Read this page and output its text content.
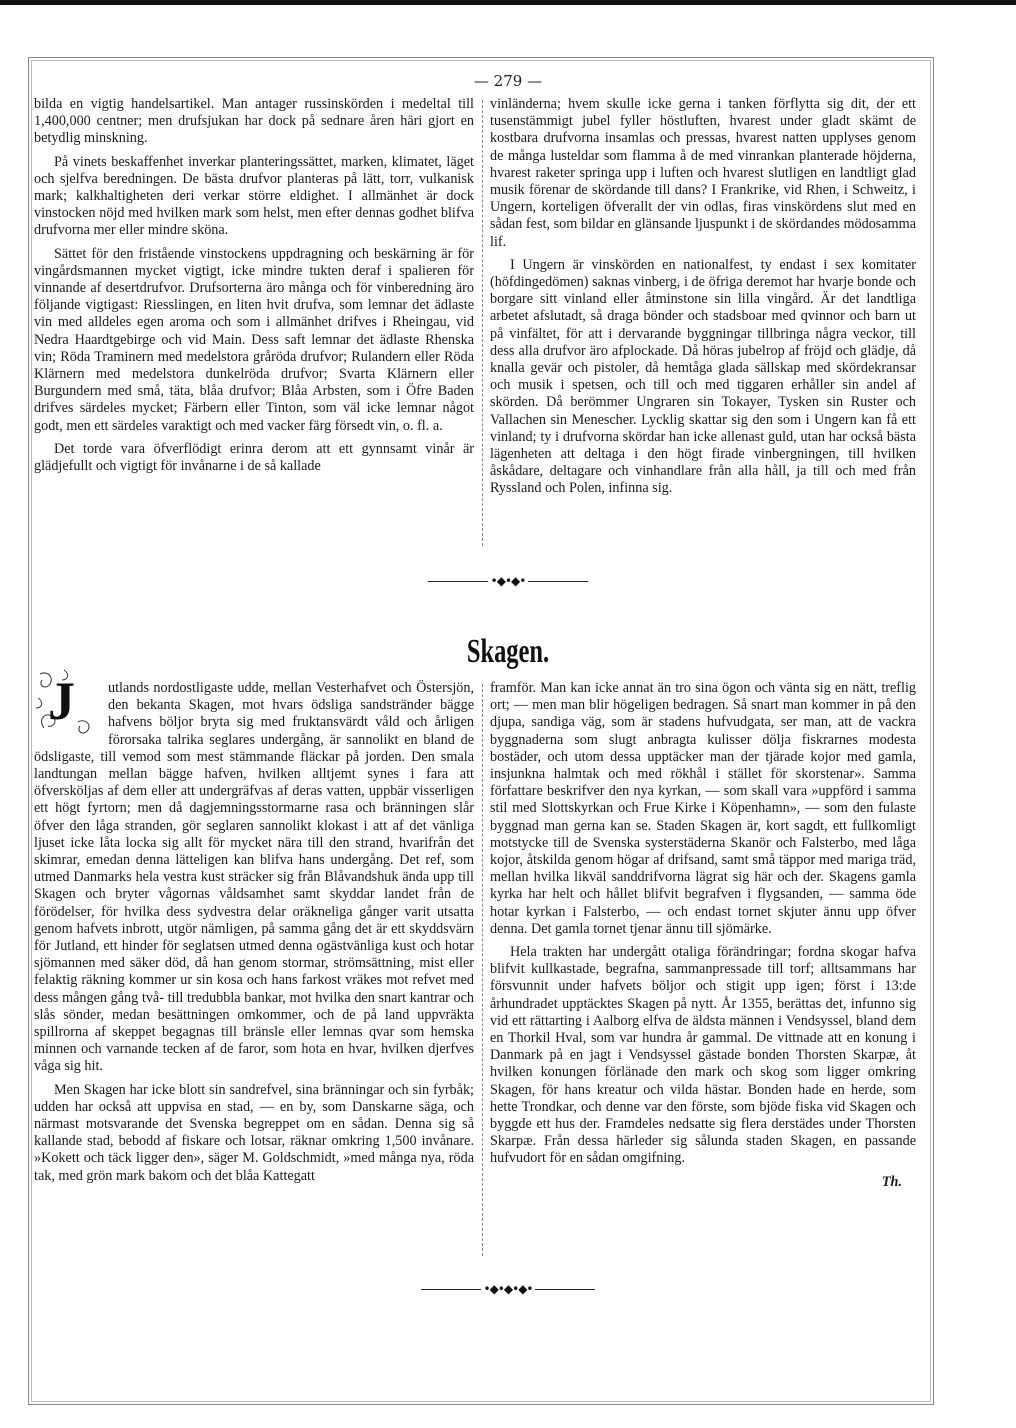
— 279 —

bilda en vigtig handelsartikel. Man antager russinskörden i medeltal till 1,400,000 centner; men drufsjukan har dock på sednare åren häri gjort en betydlig minskning.

På vinets beskaffenhet inverkar planteringssättet, marken, klimatet, läget och sjelfva beredningen. De bästa drufvor planteras på lätt, torr, vulkanisk mark; kalkhaltigheten deri verkar större eldighet. I allmänhet är dock vinstocken nöjd med hvilken mark som helst, men efter dennas godhet blifva drufvorna mer eller mindre sköna.

Sättet för den fristående vinstockens uppdragning och beskärning är för vingårdsmannen mycket vigtigt, icke mindre tukten deraf i spalieren för vinnande af desertdrufvor. Drufsorterna äro många och för vinberedning äro följande vigtigast: Riesslingen, en liten hvit drufva, som lemnar det ädlaste vin med alldeles egen aroma och som i allmänhet drifves i Rheingau, vid Nedra Haardtgebirge och vid Main. Dess saft lemnar det ädlaste Rhenska vin; Röda Traminern med medelstora gråröda drufvor; Rulandern eller Röda Klärnern med medelstora dunkelröda drufvor; Svarta Klärnern eller Burgundern med små, täta, blåa drufvor; Blåa Arbsten, som i Öfre Baden drifves särdeles mycket; Färbern eller Tinton, som väl icke lemnar något godt, men ett särdeles varaktigt och med vacker färg försedt vin, o. fl. a.

Det torde vara öfverflödigt erinra derom att ett gynnsamt vinår är glädjefullt och vigtigt för invånarne i de så kallade

vinländerna; hvem skulle icke gerna i tanken förflytta sig dit, der ett tusenstämmigt jubel fyller höstluften, hvarest under gladt skämt de kostbara drufvorna insamlas och pressas, hvarest natten upplyses genom de många lusteldar som flamma å de med vinrankan planterade höjderna, hvarest raketer springa upp i luften och hvarest slutligen en landtligt glad musik förenar de skördande till dans? I Frankrike, vid Rhen, i Schweitz, i Ungern, korteligen öfverallt der vin odlas, firas vinskördens slut med en sådan fest, som bildar en glänsande ljuspunkt i de skördandes mödosamma lif.

I Ungern är vinskörden en nationalfest, ty endast i sex komitater (höfdingedömen) saknas vinberg, i de öfriga deremot har hvarje bonde och borgare sitt vinland eller åtminstone sin lilla vingård. Är det landtliga arbetet afslutadt, så draga bönder och stadsboar med qvinnor och barn ut på vinfältet, för att i dervarande byggningar tillbringa några veckor, till dess alla drufvor äro afplockade. Då höras jubelrop af fröjd och glädje, då knalla gevär och pistoler, då hemtåga glada sällskap med skördekransar och musik i spetsen, och till och med tiggaren erhåller sin andel af skörden. Då berömmer Ungraren sin Tokayer, Tysken sin Ruster och Vallachen sin Menescher. Lycklig skattar sig den som i Ungern kan få ett vinland; ty i drufvorna skördar han icke allenast guld, utan har också bästa lägenheten att deltaga i den högt firade vinbergningen, till hvilken åskådare, deltagare och vinhandlare från alla håll, ja till och med från Ryssland och Polen, infinna sig.

•◆•◆•
Skagen.

J utlands nordostligaste udde, mellan Vesterhafvet och Östersjön, den bekanta Skagen, mot hvars ödsliga sandstränder bägge hafvens böljor bryta sig med fruktansvärdt våld och årligen förorsaka talrika seglares undergång, är sannolikt en bland de ödsligaste, till vemod som mest stämmande fläckar på jorden. Den smala landtungan mellan bägge hafven, hvilken alltjemt synes i fara att öfversköljas af dem eller att undergräfvas af deras vatten, uppbär visserligen ett högt fyrtorn; men då dagjemningsstormarne rasa och bränningen slår öfver den låga stranden, gör seglaren sannolikt klokast i att af det vänliga ljuset icke låta locka sig allt för mycket nära till den strand, hvarifrån det skimrar, emedan denna lätteligen kan blifva hans undergång. Det ref, som utmed Danmarks hela vestra kust sträcker sig från Blåvandshuk ända upp till Skagen och bryter vågornas våldsamhet samt skyddar landet från de förödelser, för hvilka dess sydvestra delar oräkneliga gånger varit utsatta genom hafvets inbrott, utgör nämligen, på samma gång det är ett skyddsvärn för Jutland, ett hinder för seglatsen utmed denna ogästvänliga kust och hotar sjömannen med säker död, då han genom stormar, strömsättning, mist eller felaktig räkning kommer ur sin kosa och hans farkost vräkes mot refvet med dess mången gång två- till tredubbla bankar, mot hvilka den snart kantrar och slås sönder, medan besättningen omkommer, och de på land uppvräkta spillrorna af skeppet begagnas till bränsle eller lemnas qvar som hemska minnen och varnande tecken af de faror, som hota en hvar, hvilken djerfves våga sig hit.

Men Skagen har icke blott sin sandrefvel, sina bränningar och sin fyrbåk; udden har också att uppvisa en stad, — en by, som Danskarne säga, och närmast motsvarande det Svenska begreppet om en sådan. Denna sig så kallande stad, bebodd af fiskare och lotsar, räknar omkring 1,500 invånare. »Kokett och täck ligger den», säger M. Goldschmidt, »med många nya, röda tak, med grön mark bakom och det blåa Kattegatt

framför. Man kan icke annat än tro sina ögon och vänta sig en nätt, treflig ort; — men man blir högeligen bedragen. Så snart man kommer in på den djupa, sandiga väg, som är stadens hufvudgata, ser man, att de vackra byggnaderna som slugt anbragta kulisser dölja fiskrarnes modesta bostäder, och utom dessa upptäcker man der tjärade kojor med gamla, insjunkna halmtak och med rökhål i stället för skorstenar». Samma författare beskrifver den nya kyrkan, — som skall vara »uppförd i samma stil med Slottskyrkan och Frue Kirke i Köpenhamn», — som den fulaste byggnad man gerna kan se. Staden Skagen är, kort sagdt, ett fullkomligt motstycke till de Svenska systerstäderna Skanör och Falsterbo, med låga kojor, åtskilda genom högar af drifsand, samt små täppor med mariga träd, mellan hvilka likväl sanddrifvorna lägrat sig här och der. Skagens gamla kyrka har helt och hållet blifvit begrafven i flygsanden, — samma öde hotar kyrkan i Falsterbo, — och endast tornet skjuter ännu upp öfver denna. Det gamla tornet tjenar ännu till sjömärke.

Hela trakten har undergått otaliga förändringar; fordna skogar hafva blifvit kullkastade, begrafna, sammanpressade till torf; alltsammans har försvunnit under hafvets böljor och stigit upp igen; först i 13:de århundradet upptäcktes Skagen på nytt. År 1355, berättas det, infunno sig vid ett rättarting i Aalborg elfva de äldsta männen i Vendsyssel, bland dem en Thorkil Hval, som var hundra år gammal. De vittnade att en konung i Danmark på en jagt i Vendsyssel gästade bonden Thorsten Skarpæ, åt hvilken konungen förlänade den mark och skog som ligger omkring Skagen, för hans kreatur och vilda hästar. Bonden hade en herde, som hette Trondkar, och denne var den förste, som bjöde fiska vid Skagen och byggde ett hus der. Framdeles nedsatte sig flera derstädes under Thorsten Skarpæ. Från dessa härleder sig sålunda staden Skagen, en passande hufvudort för en sådan omgifning.

Th.

•◆•◆•◆•
